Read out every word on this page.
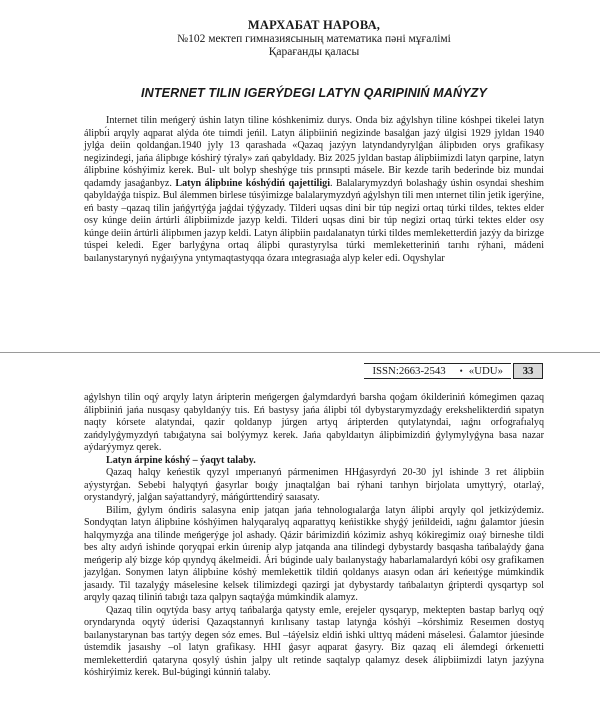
МАРХАБАТ НАРОВА,
№102 мектеп гимназиясының математика пәні мұғалімі
Қарағанды қаласы
INTERNET TILIN IGERÝDEGI LATYN QARIPINIŃ MAŃYZY

Internet tilin meńgerý úshin latyn tiline kóshkenimiz durys. Onda biz aǵylshyn tiline kóshpei tikelei latyn álipbı́i arqyly aqparat alýda óte tıimdi jeńil. Latyn álipbiiniń negizinde basalǵan jazý úlgisi 1929 jyldan 1940 jylǵa deiin qoldanǵan.1940 jyly 13 qarashada «Qazaq jazýyn latyndandyrylǵan álipbıden orys grafikasy negizindegi, jańa álipbıge kóshirý týraly» zań qabyldady. Biz 2025 jyldan bastap álipbiimizdi latyn qarpine, latyn álipbıine kóshýimiz kerek. Bul- ult bolyp sheshýge tıis prınsıpti másele. Bir kezde tarih bederinde biz mundai qadamdy jasaǵanbyz. Latyn álipbıine kóshýdiń qajettiligi. Balalarymyzdyń bolashaǵy úshin osyndai sheshim qabyldaýǵa tıispiz. Bul álemmen birlese túsýimizge balalarymyzdyń aǵylshyn tili men ınternet tilin jetik igerýine, eń basty –qazaq tilin jańǵyrtýǵa jaǵdai týǵyzady. Tilderi uqsas dini bir túp negizi ortaq túrki tildes, tektes elder osy kúnge deiin ártúrli álipbiimizde jazyp keldi. Tilderi uqsas dini bir túp negizi ortaq túrki tektes elder osy kúnge deiin ártúrli álipbımen jazyp keldi. Latyn álipbiin paıdalanatyn túrki tildes memleketterdiń jazýy da birizge túspei keledi. Eger barlyǵyna ortaq álipbi qurastyrylsa túrki memleketteriniń tarıhı rýhani, mádeni baılanystarynyń nyǵaıýyna yntymaqtastyqqa ózara ıntegrasıaǵa alyp keler edi. Oqyshylar

ISSN:2663-2543	• «UDU»	33

aǵylshyn tilin oqý arqyly latyn áripterin meńgergen ǵalymdardyń barsha qoǵam ókilderiniń kómegimen qazaq álipbiiniń jańa nusqasy qabyldanýy tıis. Eń bastysy jańa álipbi tól dybystarymyzdaǵy erekshelikterdiń sıpatyn naqty kórsete alatyndai, qazir qoldanyp júrgen artyq áripterden qutylatyndai, ıaǵnı orfografıalyq zańdylyǵymyzdyń tabıǵatyna sai bolýymyz kerek. Jańa qabyldaıtyn álipbimizdiń ǵylymylyǵyna basa nazar aýdarýymyz qerek.

Latyn árpine kóshý – ýaqyt talaby.

Qazaq halqy keńestik qyzyl ımperıanyń pármenimen HHǵasyrdyń 20-30 jyl ishinde 3 ret álipbiin aýystyrǵan. Sebebi halyqtyń ǵasyrlar boıǵy jınaqtalǵan bai rýhani tarıhyn birjolata umyttyrý, otarlaý, orystandyrý, jalǵan saýattandyrý, máńgúrttendirý saıasaty.

Bilim, ǵylym óndiris salasyna enip jatqan jańa tehnologıalarǵa latyn álipbi arqyly qol jetkizýdemiz. Sondyqtan latyn álipbıine kóshýimen halyqaralyq aqparattyq keńistikke shyǵý jeńildeidi, ıaǵnı ǵalamtor júesin halqymyzǵa ana tilinde meńgerýge jol ashady. Qázir bárimizdiń kózimiz ashyq kókiregimiz oıaý birneshe tildi bes alty aıdyń ishinde qoryqpai erkin úırenip alyp jatqanda ana tilindegi dybystardy basqasha tańbalaýdy ǵana meńgerip alý bizge kóp qıyndyq ákelmeidi. Ári búginde ualy baılanystaǵy habarlamalardyń kóbi osy grafikamen jazylǵan. Sonymen latyn álipbıine kóshý memlekettik tildiń qoldanys aıasyn odan ári keńeıtýge múmkindik jasaıdy. Til tazalyǵy máselesine kelsek tilimizdegi qazirgi jat dybystardy tańbalaıtyn ǵripterdi qysqartyp sol arqyly qazaq tiliniń tabıǵı taza qalpyn saqtaýǵa múmkindik alamyz.

Qazaq tilin oqytýda basy artyq tańbalarǵa qatysty emle, erejeler qysqaryp, mektepten bastap barlyq oqý oryndarynda oqytý úderisi Qazaqstannyń kırılısany tastap latynǵa kóshýi –kórshimiz Reseımen dostyq baılanystarynan bas tartýy degen sóz emes. Bul –táýelsiz eldiń ishki ulttyq mádeni máselesi. Ǵalamtor júesinde ústemdik jasaıshy –ol latyn grafikasy. HHI ǵasyr aqparat ǵasyry. Biz qazaq eli álemdegi órkenıetti memleketterdiń qatarynа qosylý úshin jalpy ult retinde saqtalyp qalamyz desek álipbiimizdi latyn jazýyna kóshirýimiz kerek. Bul-búgingi kúnniń talaby.
